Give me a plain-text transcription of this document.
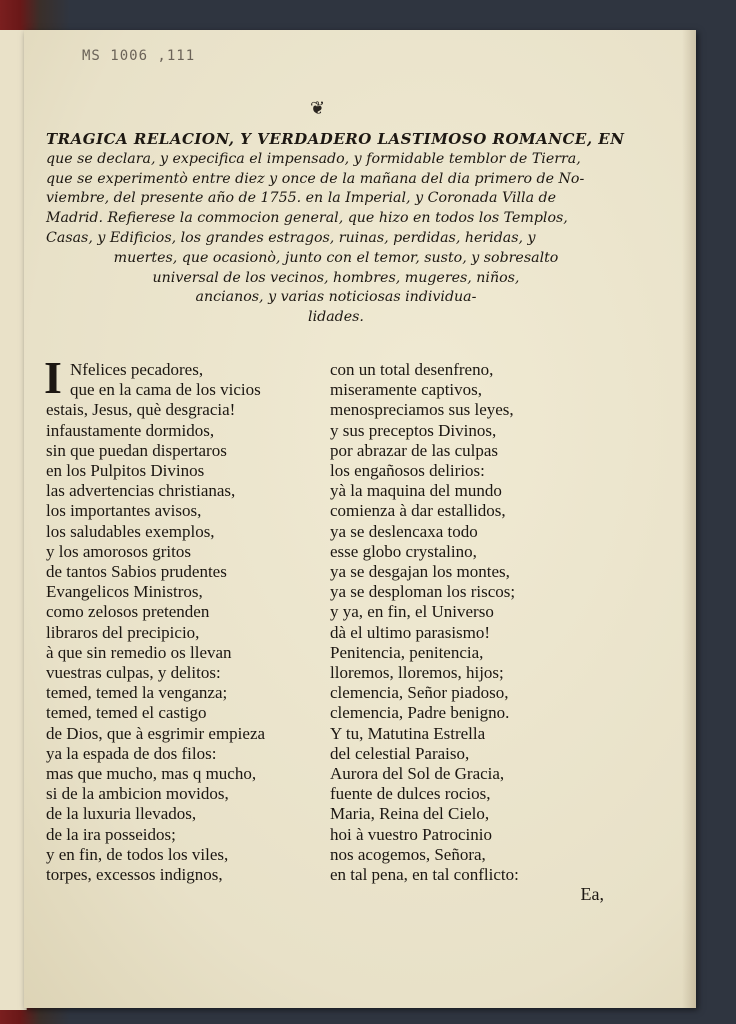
MS 1006 ,111
❦
TRAGICA RELACION, Y VERDADERO LASTIMOSO ROMANCE, EN
que se declara, y expecifica el impensado, y formidable temblor de Tierra,
que se experimentò entre diez y once de la mañana del dia primero de No-
viembre, del presente año de 1755. en la Imperial, y Coronada Villa de
Madrid. Refierese la commocion general, que hizo en todos los Templos,
Casas, y Edificios, los grandes estragos, ruinas, perdidas, heridas, y
muertes, que ocasionò, junto con el temor, susto, y sobresalto
universal de los vecinos, hombres, mugeres, niños,
ancianos, y varias noticiosas individua-
lidades.
I Nfelices pecadores,
que en la cama de los vicios
estais, Jesus, què desgracia!
infaustamente dormidos,
sin que puedan dispertaros
en los Pulpitos Divinos
las advertencias christianas,
los importantes avisos,
los saludables exemplos,
y los amorosos gritos
de tantos Sabios prudentes
Evangelicos Ministros,
como zelosos pretenden
libraros del precipicio,
à que sin remedio os llevan
vuestras culpas, y delitos:
temed, temed la venganza;
temed, temed el castigo
de Dios, que à esgrimir empieza
ya la espada de dos filos:
mas que mucho, mas q mucho,
si de la ambicion movidos,
de la luxuria llevados,
de la ira posseidos;
y en fin, de todos los viles,
torpes, excessos indignos,
con un total desenfreno,
miseramente captivos,
menospreciamos sus leyes,
y sus preceptos Divinos,
por abrazar de las culpas
los engañosos delirios:
yà la maquina del mundo
comienza à dar estallidos,
ya se deslencaxa todo
esse globo crystalino,
ya se desgajan los montes,
ya se desploman los riscos;
y ya, en fin, el Universo
dà el ultimo parasismo!
Penitencia, penitencia,
lloremos, lloremos, hijos;
clemencia, Señor piadoso,
clemencia, Padre benigno.
Y tu, Matutina Estrella
del celestial Paraiso,
Aurora del Sol de Gracia,
fuente de dulces rocios,
Maria, Reina del Cielo,
hoi à vuestro Patrocinio
nos acogemos, Señora,
en tal pena, en tal conflicto:
Ea,
